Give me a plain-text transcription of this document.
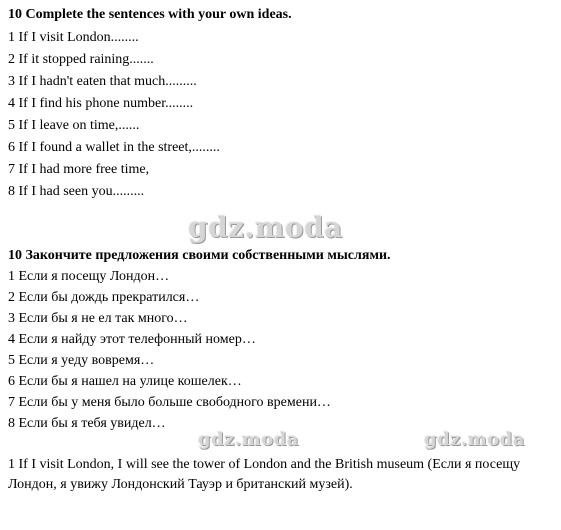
10 Complete the sentences with your own ideas.
1 If I visit London........
2 If it stopped raining.......
3 If I hadn't eaten that much.........
4 If I find his phone number........
5 If I leave on time,......
6 If I found a wallet in the street,........
7 If I had more free time,
8 If I had seen you.........
gdz.moda
10 Закончите предложения своими собственными мыслями.
1 Если я посещу Лондон…
2 Если бы дождь прекратился…
3 Если бы я не ел так много…
4 Если я найду этот телефонный номер…
5 Если я уеду вовремя…
6 Если бы я нашел на улице кошелек…
7 Если бы у меня было больше свободного времени…
8 Если бы я тебя увидел…
gdz.moda	gdz.moda
1 If I visit London, I will see the tower of London and the British museum (Если я посещу Лондон, я увижу Лондонский Тауэр и британский музей).
